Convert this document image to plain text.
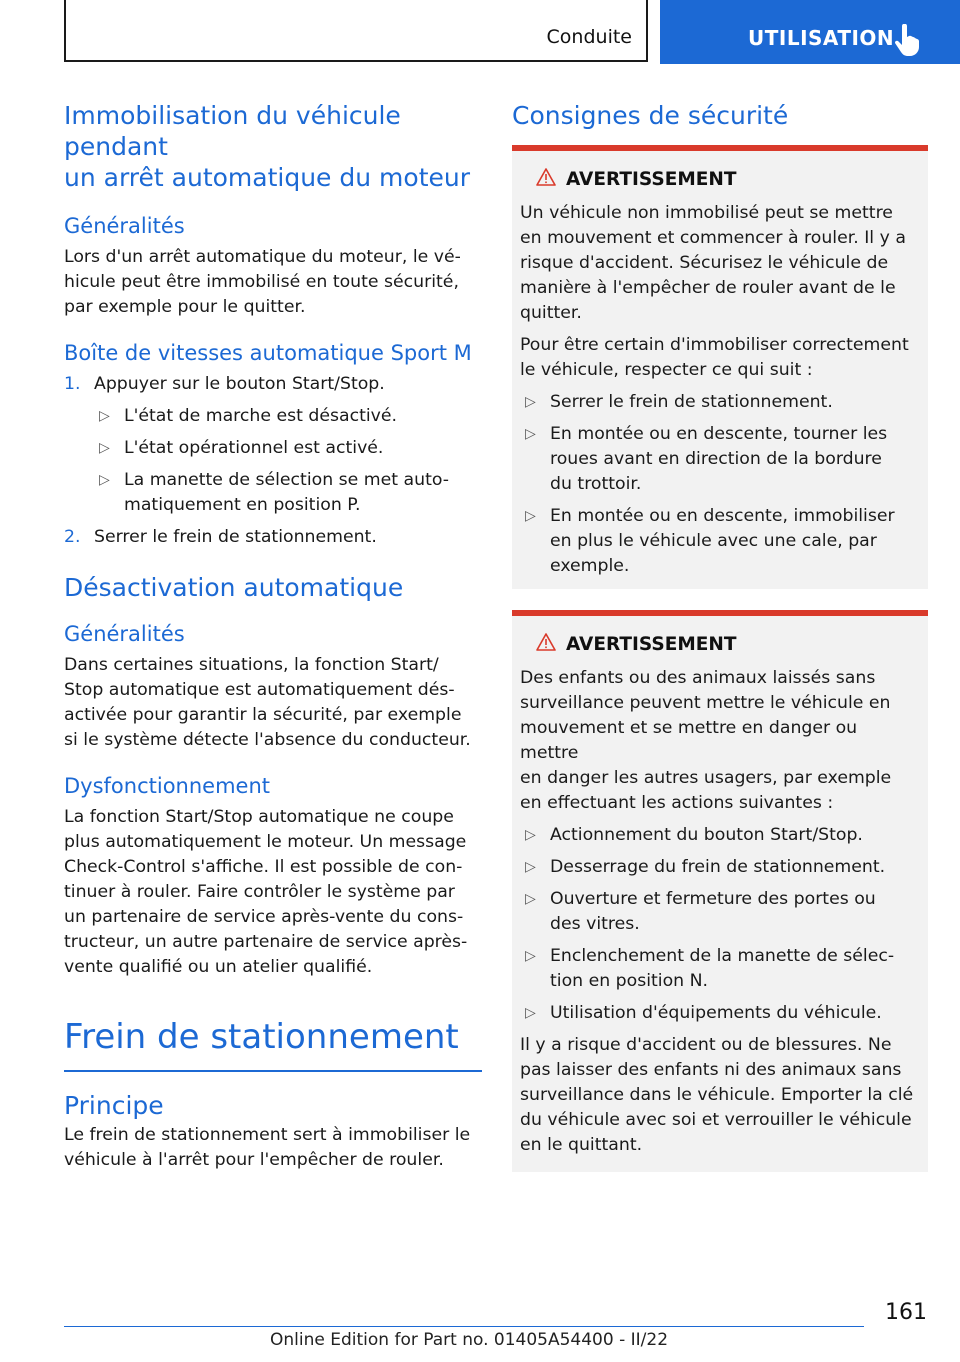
Conduite	UTILISATION
Immobilisation du véhicule pendant
un arrêt automatique du moteur
Généralités
Lors d'un arrêt automatique du moteur, le vé-
hicule peut être immobilisé en toute sécurité,
par exemple pour le quitter.
Boîte de vitesses automatique Sport M
1. Appuyer sur le bouton Start/Stop.
▷ L'état de marche est désactivé.
▷ L'état opérationnel est activé.
▷ La manette de sélection se met auto-
matiquement en position P.
2. Serrer le frein de stationnement.
Désactivation automatique
Généralités
Dans certaines situations, la fonction Start/
Stop automatique est automatiquement dés-
activée pour garantir la sécurité, par exemple
si le système détecte l'absence du conducteur.
Dysfonctionnement
La fonction Start/Stop automatique ne coupe
plus automatiquement le moteur. Un message
Check-Control s'affiche. Il est possible de con-
tinuer à rouler. Faire contrôler le système par
un partenaire de service après-vente du cons-
tructeur, un autre partenaire de service après-
vente qualifié ou un atelier qualifié.
Frein de stationnement
Principe
Le frein de stationnement sert à immobiliser le
véhicule à l'arrêt pour l'empêcher de rouler.
Consignes de sécurité
AVERTISSEMENT
Un véhicule non immobilisé peut se mettre
en mouvement et commencer à rouler. Il y a
risque d'accident. Sécurisez le véhicule de
manière à l'empêcher de rouler avant de le
quitter.
Pour être certain d'immobiliser correctement
le véhicule, respecter ce qui suit :
▷ Serrer le frein de stationnement.
▷ En montée ou en descente, tourner les
roues avant en direction de la bordure
du trottoir.
▷ En montée ou en descente, immobiliser
en plus le véhicule avec une cale, par
exemple.
AVERTISSEMENT
Des enfants ou des animaux laissés sans
surveillance peuvent mettre le véhicule en
mouvement et se mettre en danger ou mettre
en danger les autres usagers, par exemple
en effectuant les actions suivantes :
▷ Actionnement du bouton Start/Stop.
▷ Desserrage du frein de stationnement.
▷ Ouverture et fermeture des portes ou
des vitres.
▷ Enclenchement de la manette de sélec-
tion en position N.
▷ Utilisation d'équipements du véhicule.
Il y a risque d'accident ou de blessures. Ne
pas laisser des enfants ni des animaux sans
surveillance dans le véhicule. Emporter la clé
du véhicule avec soi et verrouiller le véhicule
en le quittant.
161
Online Edition for Part no. 01405A54400 - II/22
